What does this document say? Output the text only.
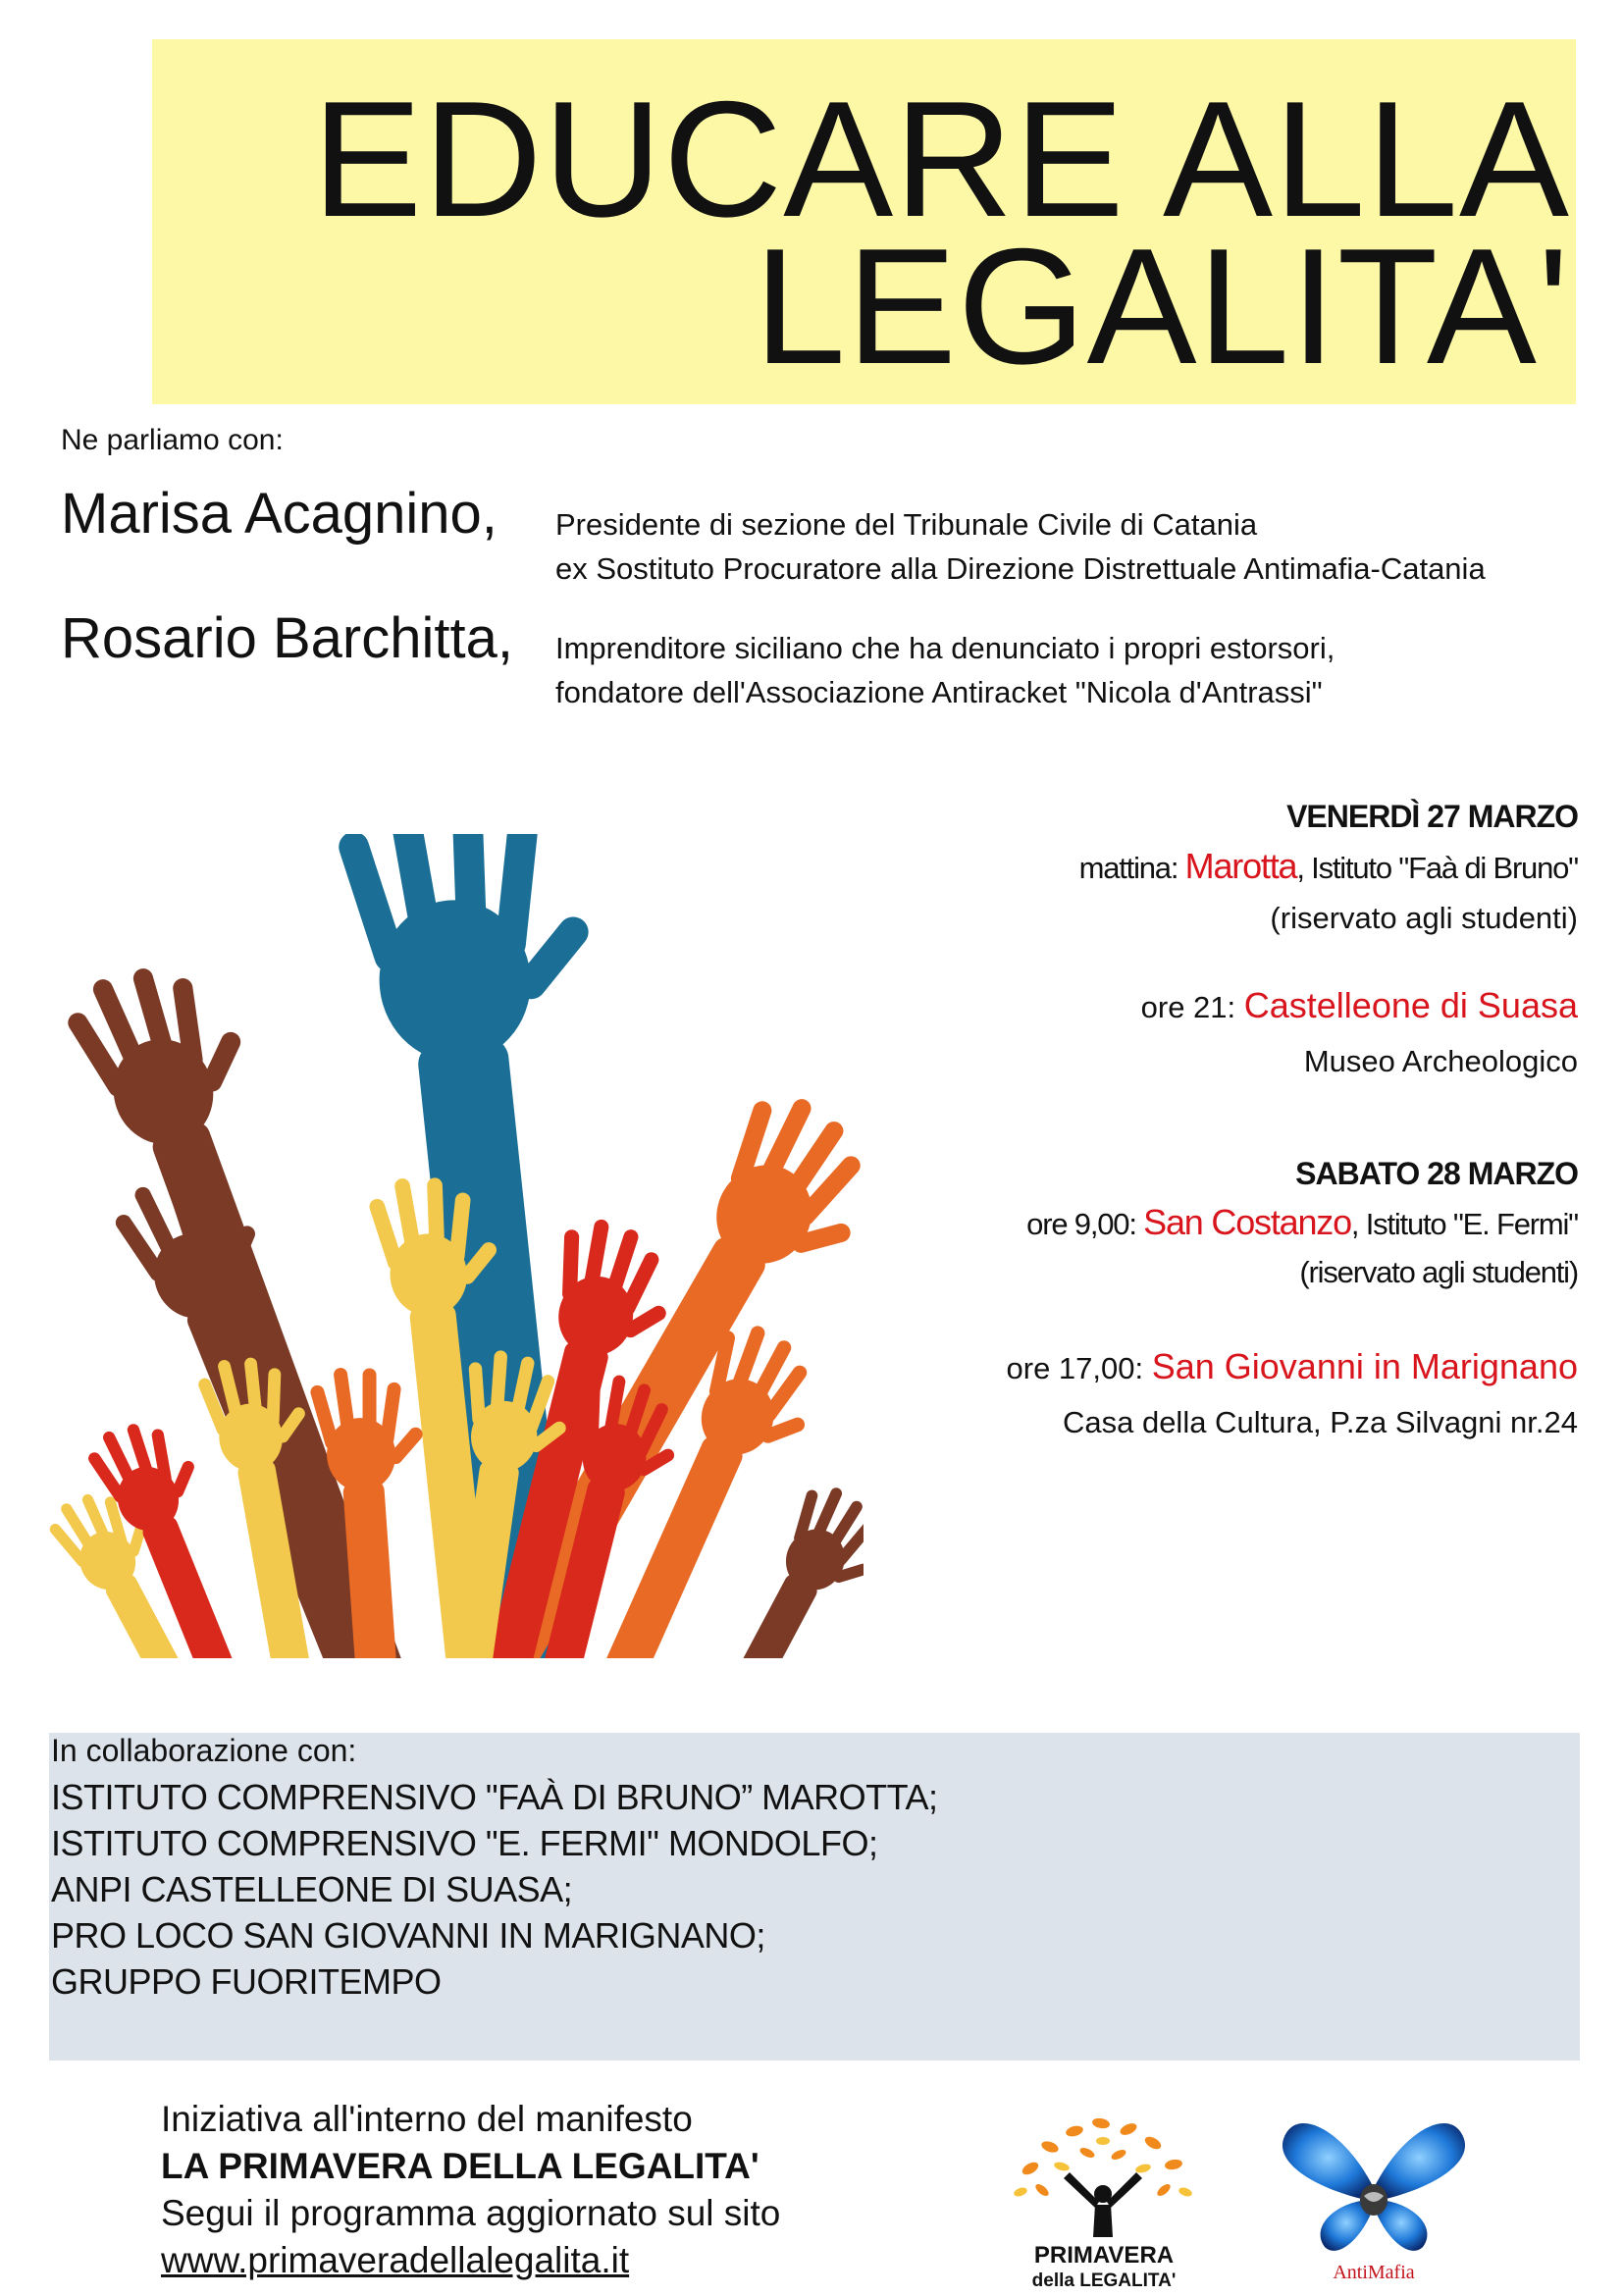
EDUCARE ALLA
LEGALITA'
Ne parliamo con:
Marisa Acagnino, Presidente di sezione del Tribunale Civile di Catania
ex Sostituto Procuratore alla Direzione Distrettuale Antimafia-Catania
Rosario Barchitta, Imprenditore siciliano che ha denunciato i propri estorsori,
fondatore dell'Associazione Antiracket "Nicola d'Antrassi"
VENERDÌ 27 MARZO
mattina: Marotta, Istituto "Faà di Bruno"
(riservato agli studenti)
ore 21: Castelleone di Suasa
Museo Archeologico
SABATO 28 MARZO
ore 9,00: San Costanzo, Istituto "E. Fermi"
(riservato agli studenti)
ore 17,00: San Giovanni in Marignano
Casa della Cultura, P.za Silvagni nr.24
In collaborazione con:
ISTITUTO COMPRENSIVO "FAÀ DI BRUNO” MAROTTA;
ISTITUTO COMPRENSIVO "E. FERMI" MONDOLFO;
ANPI CASTELLEONE DI SUASA;
PRO LOCO SAN GIOVANNI IN MARIGNANO;
GRUPPO FUORITEMPO
Iniziativa all'interno del manifesto
LA PRIMAVERA DELLA LEGALITA'
Segui il programma aggiornato sul sito
www.primaveradellalegalita.it	PRIMAVERA
della LEGALITA'	AntiMafia
